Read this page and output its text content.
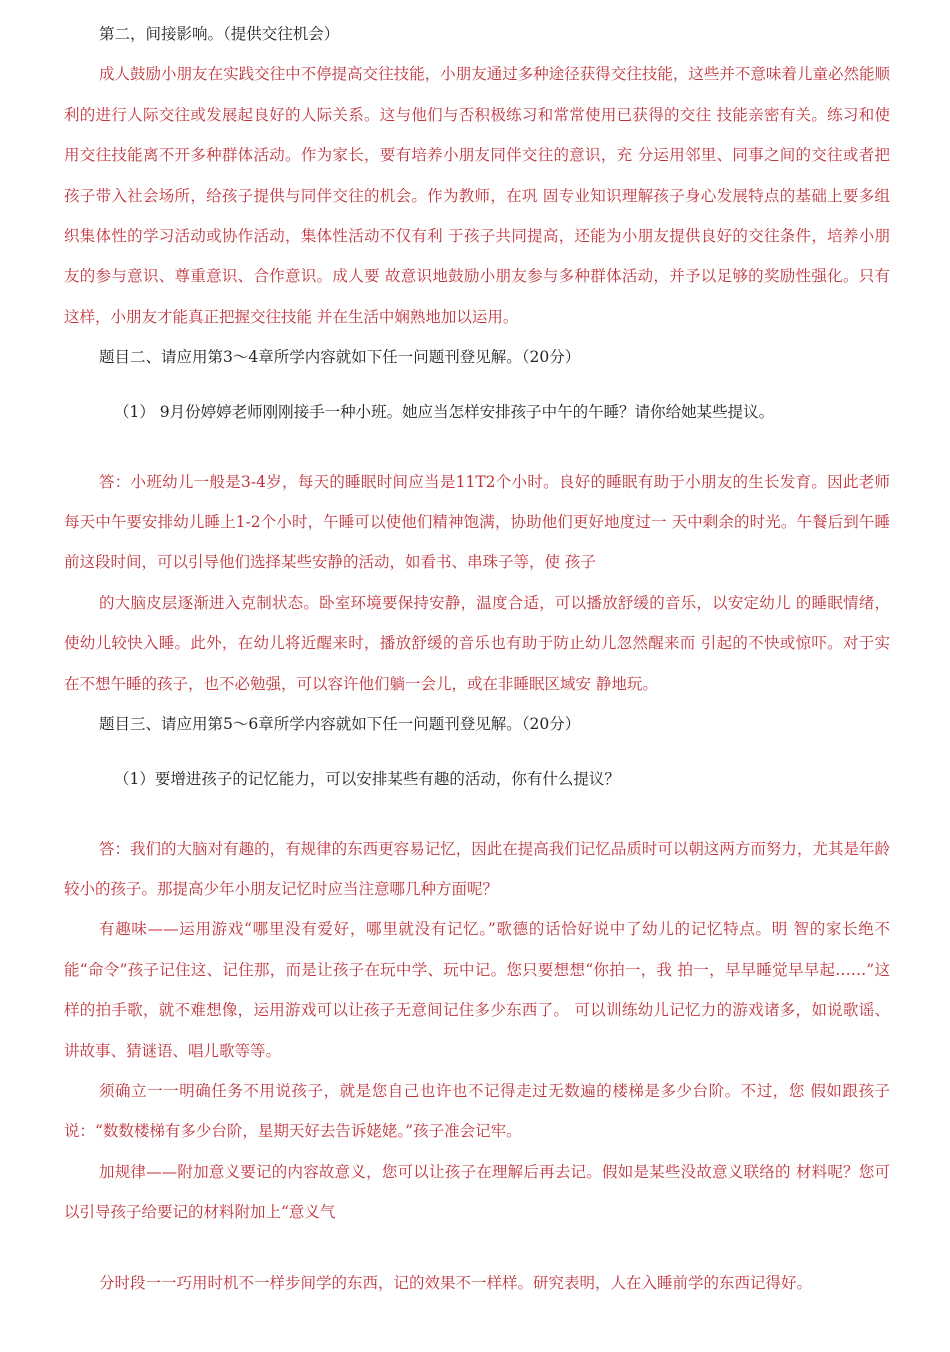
第二，间接影响。（提供交往机会）

成人鼓励小朋友在实践交往中不停提高交往技能，小朋友通过多种途径获得交往技能，这些并不意味着儿童必然能顺利的进行人际交往或发展起良好的人际关系。这与他们与否积极练习和常常使用已获得的交往 技能亲密有关。练习和使用交往技能离不开多种群体活动。作为家长，要有培养小朋友同伴交往的意识，充 分运用邻里、同事之间的交往或者把孩子带入社会场所，给孩子提供与同伴交往的机会。作为教师，在巩 固专业知识理解孩子身心发展特点的基础上要多组织集体性的学习活动或协作活动，集体性活动不仅有利 于孩子共同提高，还能为小朋友提供良好的交往条件，培养小朋友的参与意识、尊重意识、合作意识。成人要 故意识地鼓励小朋友参与多种群体活动，并予以足够的奖励性强化。只有这样，小朋友才能真正把握交往技能 并在生活中娴熟地加以运用。

题目二、请应用第3〜4章所学内容就如下任一问题刊登见解。（20分）

（1） 9月份婷婷老师刚刚接手一种小班。她应当怎样安排孩子中午的午睡？请你给她某些提议。

答：小班幼儿一般是3-4岁，每天的睡眠时间应当是11T2个小时。良好的睡眠有助于小朋友的生长发育。因此老师每天中午要安排幼儿睡上1-2个小时，午睡可以使他们精神饱满，协助他们更好地度过一 天中剩余的时光。午餐后到午睡前这段时间，可以引导他们选择某些安静的活动，如看书、串珠子等，使 孩子

的大脑皮层逐渐进入克制状态。卧室环境要保持安静，温度合适，可以播放舒缓的音乐，以安定幼儿 的睡眠情绪，使幼儿较快入睡。此外，在幼儿将近醒来时，播放舒缓的音乐也有助于防止幼儿忽然醒来而 引起的不快或惊吓。对于实在不想午睡的孩子，也不必勉强，可以容许他们躺一会儿，或在非睡眠区域安 静地玩。

题目三、请应用第5〜6章所学内容就如下任一问题刊登见解。（20分）

（1）要增进孩子的记忆能力，可以安排某些有趣的活动，你有什么提议？

答：我们的大脑对有趣的，有规律的东西更容易记忆，因此在提高我们记忆品质时可以朝这两方而努力，尤其是年龄较小的孩子。那提高少年小朋友记忆时应当注意哪几种方面呢？

有趣味——运用游戏“哪里没有爱好，哪里就没有记忆。”歌德的话恰好说中了幼儿的记忆特点。明 智的家长绝不能“命令”孩子记住这、记住那，而是让孩子在玩中学、玩中记。您只要想想“你拍一，我 拍一，早早睡觉早早起……”这样的拍手歌，就不难想像，运用游戏可以让孩子无意间记住多少东西了。 可以训练幼儿记忆力的游戏诸多，如说歌谣、讲故事、猜谜语、唱儿歌等等。

须确立一一明确任务不用说孩子，就是您自己也许也不记得走过无数遍的楼梯是多少台阶。不过，您 假如跟孩子说：“数数楼梯有多少台阶，星期天好去告诉姥姥。”孩子准会记牢。

加规律——附加意义要记的内容故意义，您可以让孩子在理解后再去记。假如是某些没故意义联络的 材料呢？您可以引导孩子给要记的材料附加上“意义气

分时段一一巧用时机不一样步间学的东西，记的效果不一样样。研究表明，人在入睡前学的东西记得好。
